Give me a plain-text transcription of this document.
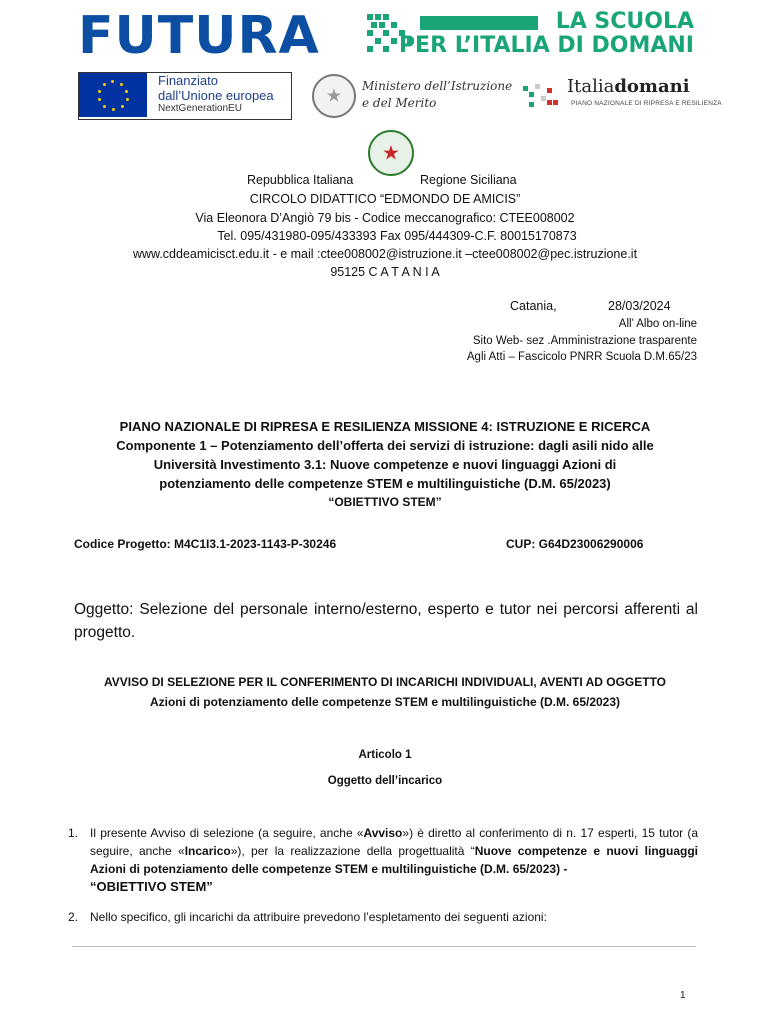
FUTURA	LA SCUOLA
PER L’ITALIA DI DOMANI
Finanziato
dall’Unione europea
NextGenerationEU
★
Ministero dell’Istruzione
e del Merito
Italiadomani
PIANO NAZIONALE DI RIPRESA E RESILIENZA
★
Repubblica Italiana	Regione Siciliana
CIRCOLO DIDATTICO “EDMONDO DE AMICIS”
Via Eleonora D’Angiò 79 bis - Codice meccanografico: CTEE008002
Tel. 095/431980-095/433393 Fax 095/444309-C.F. 80015170873
www.cddeamicisct.edu.it - e mail :ctee008002@istruzione.it –ctee008002@pec.istruzione.it
95125 C A T A N I A
Catania,	28/03/2024
All’ Albo on-line
Sito Web- sez .Amministrazione trasparente
Agli Atti – Fascicolo PNRR Scuola D.M.65/23
PIANO NAZIONALE DI RIPRESA E RESILIENZA MISSIONE 4: ISTRUZIONE E RICERCA
Componente 1 – Potenziamento dell’offerta dei servizi di istruzione: dagli asili nido alle
Università Investimento 3.1: Nuove competenze e nuovi linguaggi Azioni di
potenziamento delle competenze STEM e multilinguistiche (D.M. 65/2023)
“OBIETTIVO STEM”
Codice Progetto: M4C1I3.1-2023-1143-P-30246	CUP: G64D23006290006
Oggetto: Selezione del personale interno/esterno, esperto e tutor nei percorsi afferenti al progetto.
AVVISO DI SELEZIONE PER IL CONFERIMENTO DI INCARICHI INDIVIDUALI, AVENTI AD OGGETTO
Azioni di potenziamento delle competenze STEM e multilinguistiche (D.M. 65/2023)
Articolo 1
Oggetto dell’incarico
1. Il presente Avviso di selezione (a seguire, anche «Avviso») è diretto al conferimento di n. 17 esperti, 15 tutor (a seguire, anche «Incarico»), per la realizzazione della progettualità “Nuove competenze e nuovi linguaggi Azioni di potenziamento delle competenze STEM e multilinguistiche (D.M. 65/2023) -
“OBIETTIVO STEM”
2. Nello specifico, gli incarichi da attribuire prevedono l’espletamento dei seguenti azioni:
1
